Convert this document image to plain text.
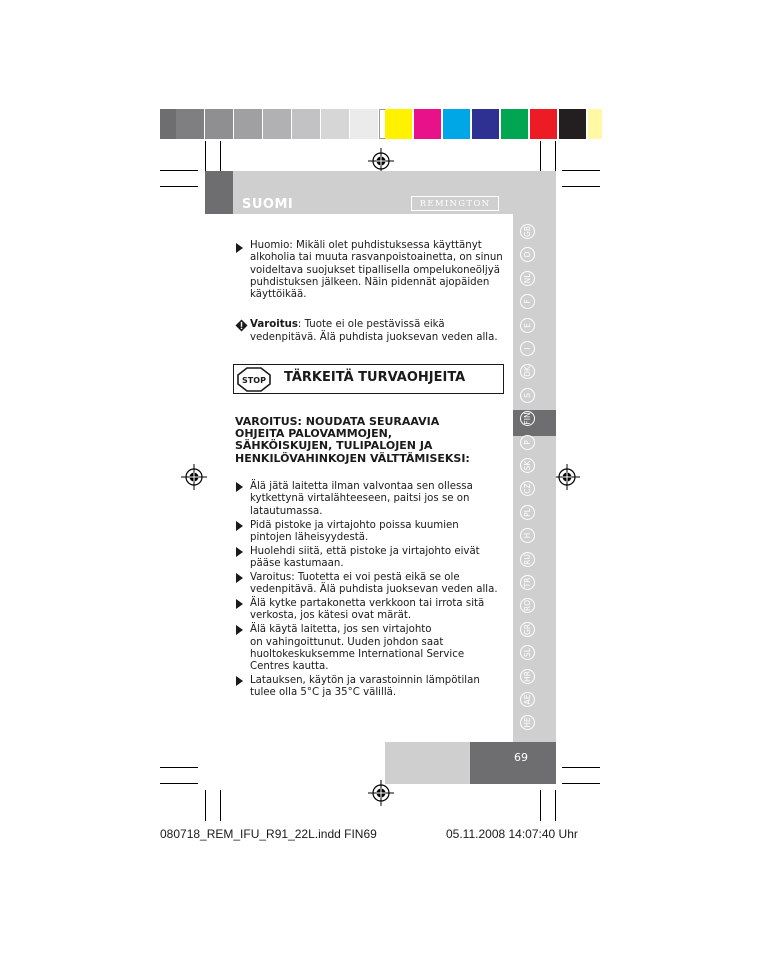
SUOMI	REMINGTON
GB
D
NL
F
E
I
DK
S
FIN
P
SK
CZ
PL
H
RU
TR
RO
GR
SL
HR
AE
HE

Huomio: Mikäli olet puhdistuksessa käyttänyt

alkoholia tai muuta rasvanpoistoainetta, on sinun

voideltava suojukset tipallisella ompelukoneöljyä

puhdistuksen jälkeen. Näin pidennät ajopäiden

käyttöikää.

Varoitus: Tuote ei ole pestävissä eikä

vedenpitävä. Älä puhdista juoksevan veden alla.

STOP TÄRKEITÄ TURVAOHJEITA
VAROITUS: NOUDATA SEURAAVIA
OHJEITA PALOVAMMOJEN,
SÄHKÖISKUJEN, TULIPALOJEN JA
HENKILÖVAHINKOJEN VÄLTTÄMISEKSI:

Älä jätä laitetta ilman valvontaa sen ollessa

kytkettynä virtalähteeseen, paitsi jos se on

latautumassa.

Pidä pistoke ja virtajohto poissa kuumien

pintojen läheisyydestä.

Huolehdi siitä, että pistoke ja virtajohto eivät

pääse kastumaan.

Varoitus: Tuotetta ei voi pestä eikä se ole

vedenpitävä. Älä puhdista juoksevan veden alla.

Älä kytke partakonetta verkkoon tai irrota sitä

verkosta, jos kätesi ovat märät.

Älä käytä laitetta, jos sen virtajohto

on vahingoittunut. Uuden johdon saat

huoltokeskuksemme International Service

Centres kautta.

Latauksen, käytön ja varastoinnin lämpötilan

tulee olla 5°C ja 35°C välillä.

69
080718_REM_IFU_R91_22L.indd FIN69	05.11.2008 14:07:40 Uhr
